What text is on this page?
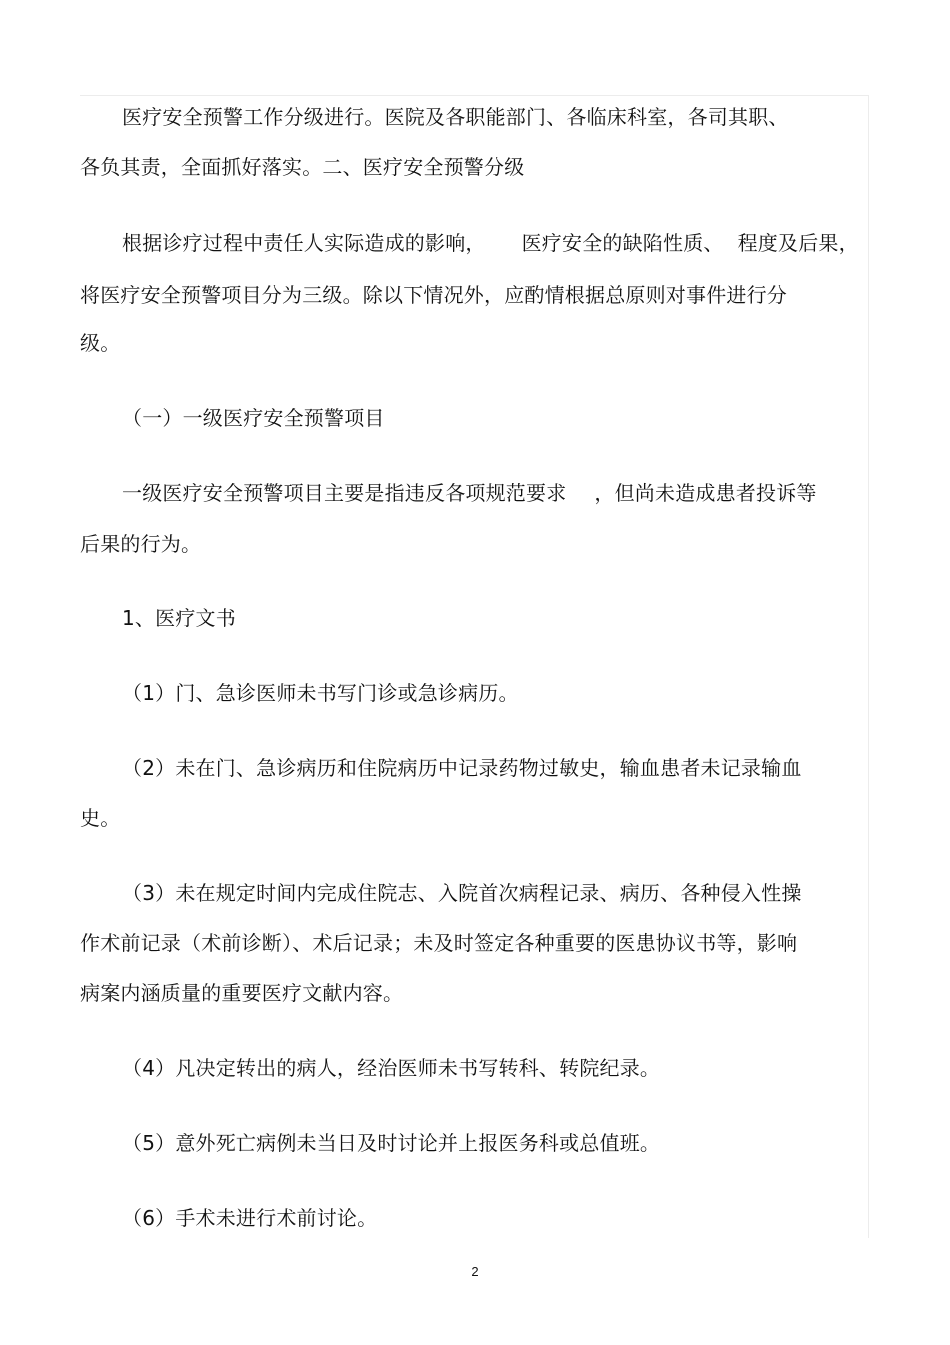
医疗安全预警工作分级进行。医院及各职能部门、各临床科室，各司其职、
各负其责，全面抓好落实。二、医疗安全预警分级
根据诊疗过程中责任人实际造成的影响， 医疗安全的缺陷性质、 程度及后果，
将医疗安全预警项目分为三级。除以下情况外，应酌情根据总原则对事件进行分
级。
（一）一级医疗安全预警项目
一级医疗安全预警项目主要是指违反各项规范要求 ，但尚未造成患者投诉等
后果的行为。
1、医疗文书
（1）门、急诊医师未书写门诊或急诊病历。
（2）未在门、急诊病历和住院病历中记录药物过敏史，输血患者未记录输血
史。
（3）未在规定时间内完成住院志、入院首次病程记录、病历、各种侵入性操
作术前记录（术前诊断）、术后记录；未及时签定各种重要的医患协议书等，影响
病案内涵质量的重要医疗文献内容。
（4）凡决定转出的病人，经治医师未书写转科、转院纪录。
（5）意外死亡病例未当日及时讨论并上报医务科或总值班。
（6）手术未进行术前讨论。
2
